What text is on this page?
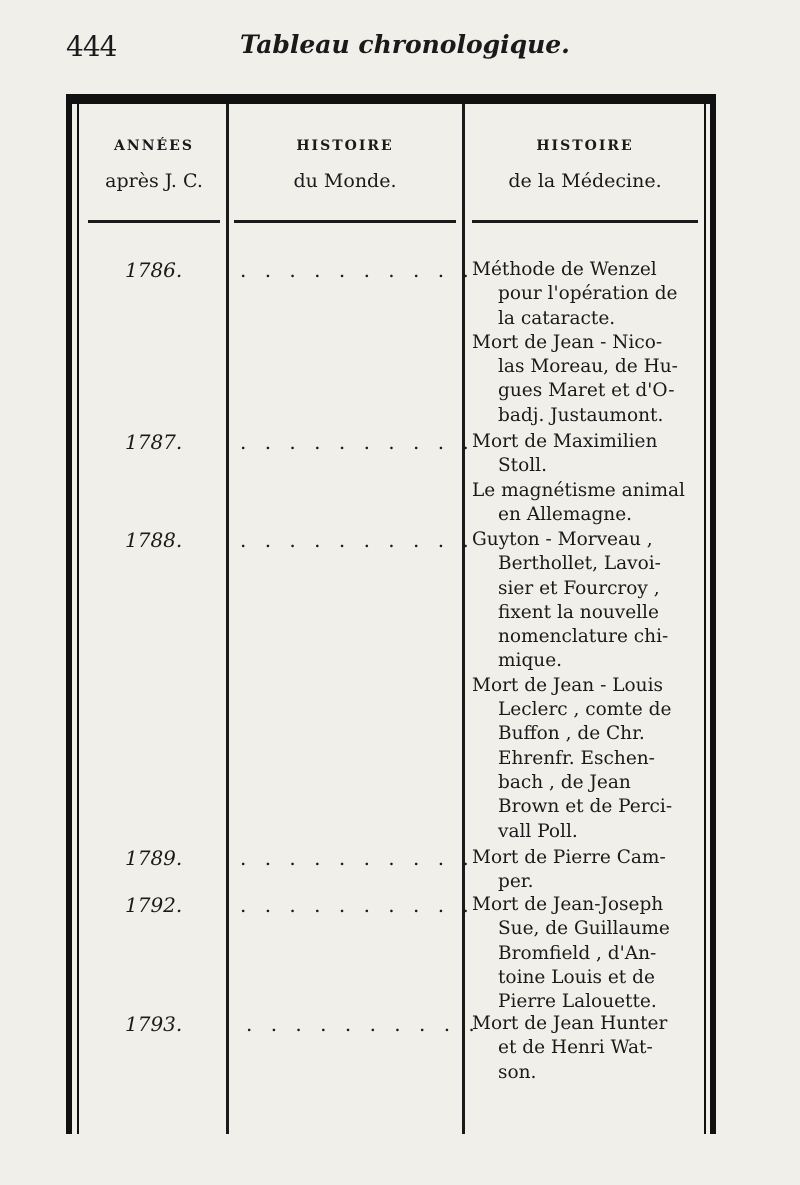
444	Tableau chronologique.
ANNÉES
après J. C.
HISTOIRE
du Monde.
HISTOIRE
de la Médecine.
1786.	. . . . . . . . . .
Méthode de Wenzel
pour l'opération de
la cataracte.
Mort de Jean - Nico-
las Moreau, de Hu-
gues Maret et d'O-
badj. Justaumont.
1787.	. . . . . . . . . .
Mort de Maximilien
Stoll.
Le magnétisme animal
en Allemagne.
1788.	. . . . . . . . . .
Guyton - Morveau ,
Berthollet, Lavoi-
sier et Fourcroy ,
fixent la nouvelle
nomenclature chi-
mique.
Mort de Jean - Louis
Leclerc , comte de
Buffon , de Chr.
Ehrenfr. Eschen-
bach , de Jean
Brown et de Perci-
vall Poll.
1789.	. . . . . . . . . .
Mort de Pierre Cam-
per.
1792.	. . . . . . . . . .
Mort de Jean-Joseph
Sue, de Guillaume
Bromfield , d'An-
toine Louis et de
Pierre Lalouette.
1793.	. . . . . . . . . .
Mort de Jean Hunter
et de Henri Wat-
son.
